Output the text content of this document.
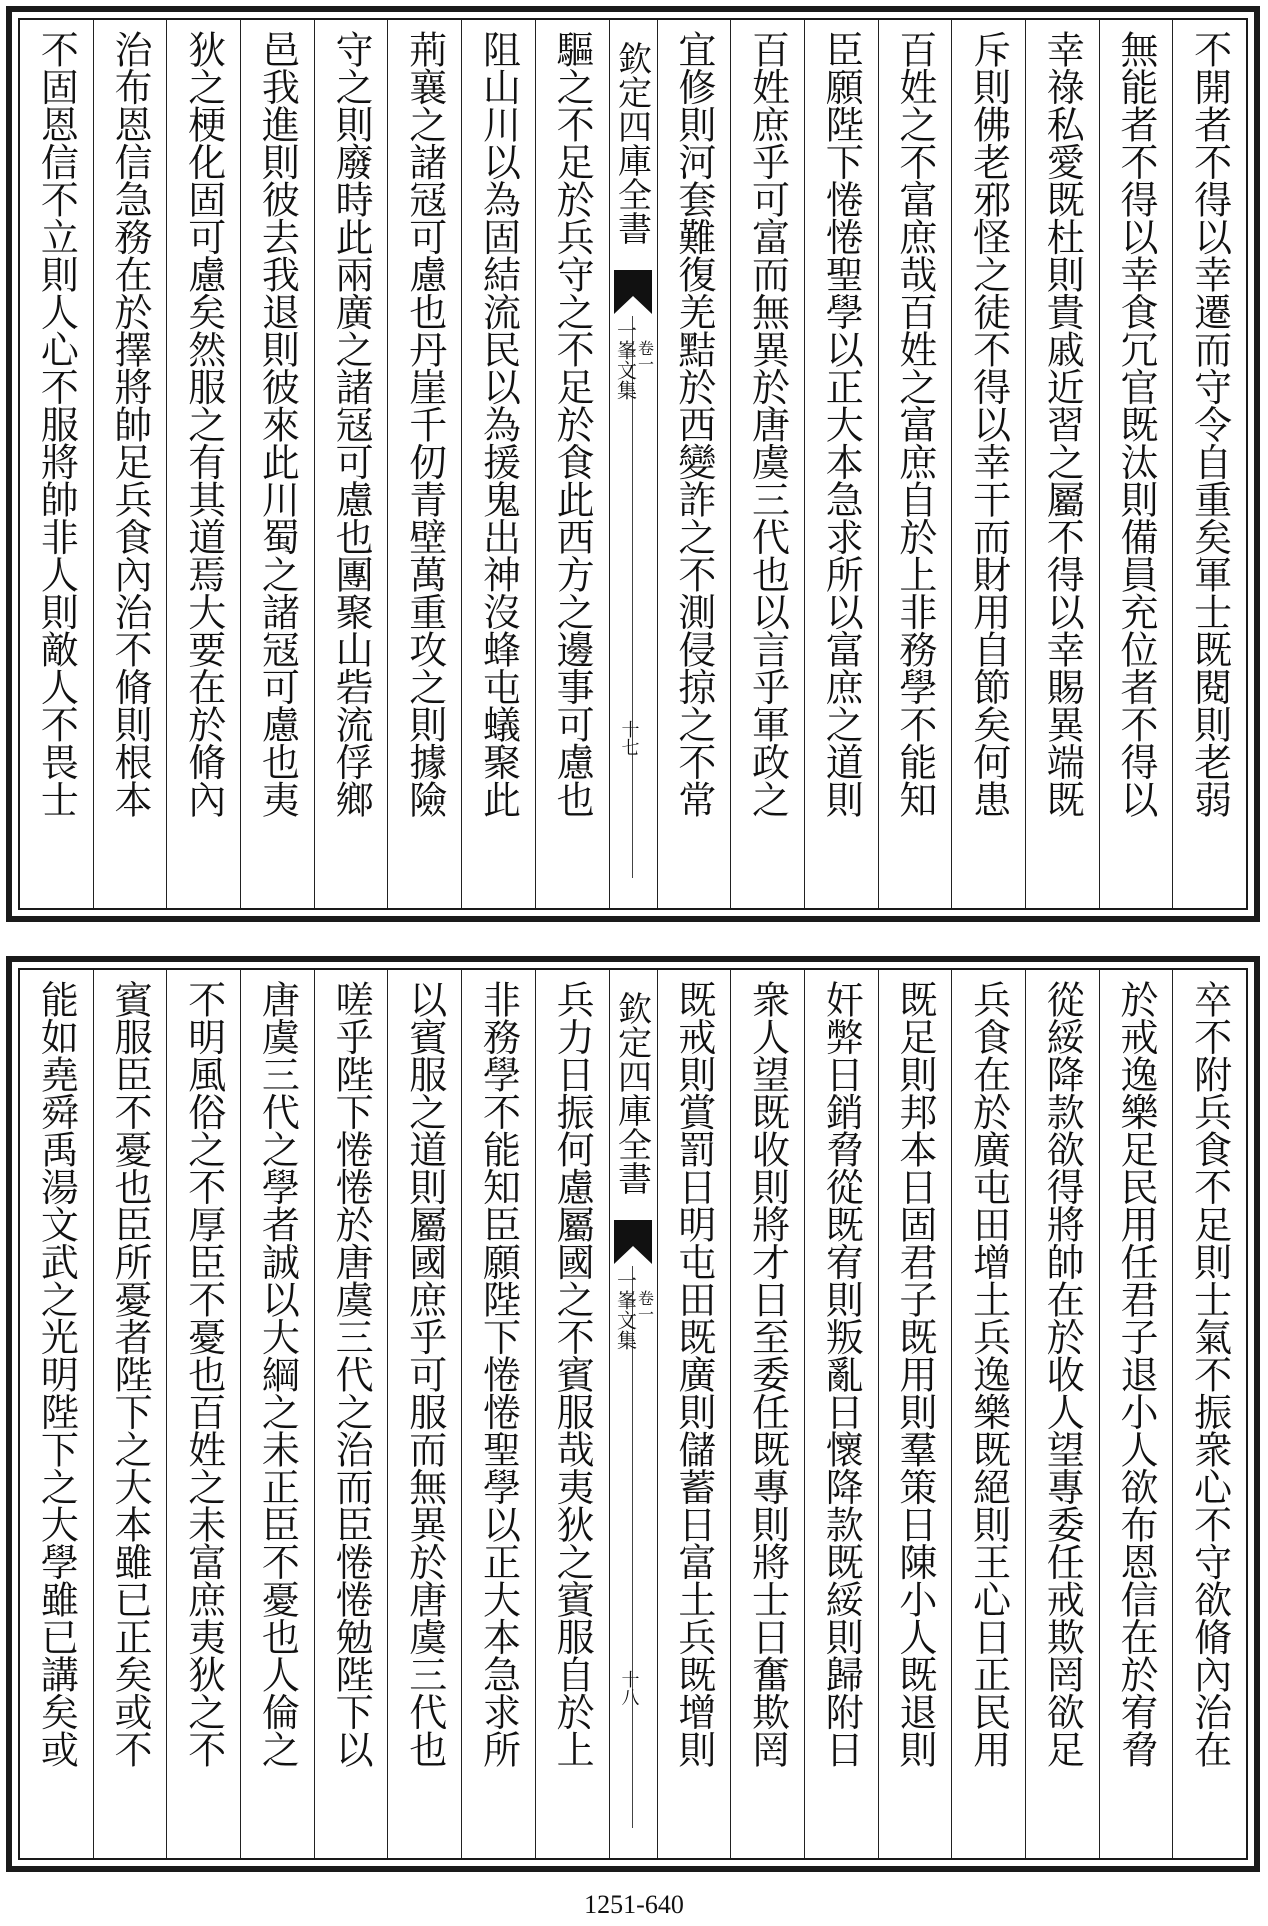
不開者不得以幸遷而守令自重矣軍士既閱則老弱
無能者不得以幸食冗官既汰則備員充位者不得以
幸祿私愛既杜則貴戚近習之屬不得以幸賜異端既
斥則佛老邪怪之徒不得以幸干而財用自節矣何患
百姓之不富庶哉百姓之富庶自於上非務學不能知
臣願陛下惓惓聖學以正大本急求所以富庶之道則
百姓庶乎可富而無異於唐虞三代也以言乎軍政之
宜修則河套難復羌黠於西變詐之不測侵掠之不常
欽定四庫全書
一峯文集
卷一
十七
驅之不足於兵守之不足於食此西方之邊事可慮也
阻山川以為固結流民以為援鬼出神沒蜂屯蟻聚此
荊襄之諸冦可慮也丹崖千仞青壁萬重攻之則據險
守之則廢時此兩廣之諸冦可慮也團聚山砦流俘鄉
邑我進則彼去我退則彼來此川蜀之諸冦可慮也夷
狄之梗化固可慮矣然服之有其道焉大要在於脩內
治布恩信急務在於擇將帥足兵食內治不脩則根本
不固恩信不立則人心不服將帥非人則敵人不畏士
卒不附兵食不足則士氣不振衆心不守欲脩內治在
於戒逸樂足民用任君子退小人欲布恩信在於宥脅
從綏降款欲得將帥在於收人望專委任戒欺罔欲足
兵食在於廣屯田增土兵逸樂既絕則王心日正民用
既足則邦本日固君子既用則羣策日陳小人既退則
奸弊日銷脅從既宥則叛亂日懷降款既綏則歸附日
衆人望既收則將才日至委任既專則將士日奮欺罔
既戒則賞罰日明屯田既廣則儲蓄日富土兵既增則
欽定四庫全書
一峯文集
卷一
十八
兵力日振何慮屬國之不賓服哉夷狄之賓服自於上
非務學不能知臣願陛下惓惓聖學以正大本急求所
以賓服之道則屬國庶乎可服而無異於唐虞三代也
嗟乎陛下惓惓於唐虞三代之治而臣惓惓勉陛下以
唐虞三代之學者誠以大綱之未正臣不憂也人倫之
不明風俗之不厚臣不憂也百姓之未富庶夷狄之不
賓服臣不憂也臣所憂者陛下之大本雖已正矣或不
能如堯舜禹湯文武之光明陛下之大學雖已講矣或
1251-640
